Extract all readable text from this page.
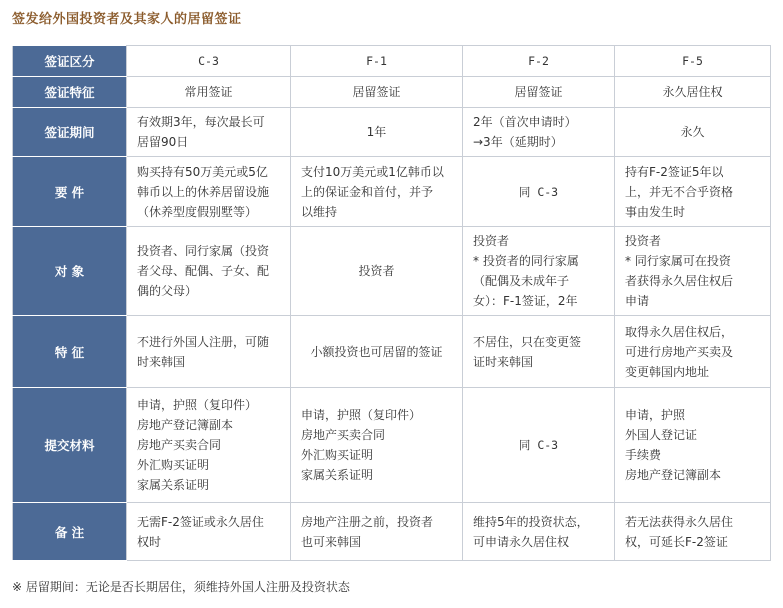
签发给外国投资者及其家人的居留签证
签证区分	C-3	F-1	F-2	F-5
签证特征	常用签证	居留签证	居留签证	永久居住权
签证期间	有效期3年，每次最长可
居留90日	1年	2年（首次申请时）
→3年（延期时）	永久
要 件	购买持有50万美元或5亿
韩币以上的休养居留设施
（休养型度假别墅等）	支付10万美元或1亿韩币以
上的保证金和首付，并予
以维持	同 C-3	持有F-2签证5年以
上，并无不合乎资格
事由发生时
对 象	投资者、同行家属（投资
者父母、配偶、子女、配
偶的父母）	投资者	投资者
* 投资者的同行家属
（配偶及未成年子
女）：F-1签证，2年	投资者
* 同行家属可在投资
者获得永久居住权后
申请
特 征	不进行外国人注册，可随
时来韩国	小额投资也可居留的签证	不居住，只在变更签
证时来韩国	取得永久居住权后，
可进行房地产买卖及
变更韩国内地址
提交材料	申请，护照（复印件）
房地产登记簿副本
房地产买卖合同
外汇购买证明
家属关系证明	申请，护照（复印件）
房地产买卖合同
外汇购买证明
家属关系证明	同 C-3	申请，护照
外国人登记证
手续费
房地产登记簿副本
备 注	无需F-2签证或永久居住
权时	房地产注册之前，投资者
也可来韩国	维持5年的投资状态，
可申请永久居住权	若无法获得永久居住
权，可延长F-2签证
※ 居留期间：无论是否长期居住，须维持外国人注册及投资状态
